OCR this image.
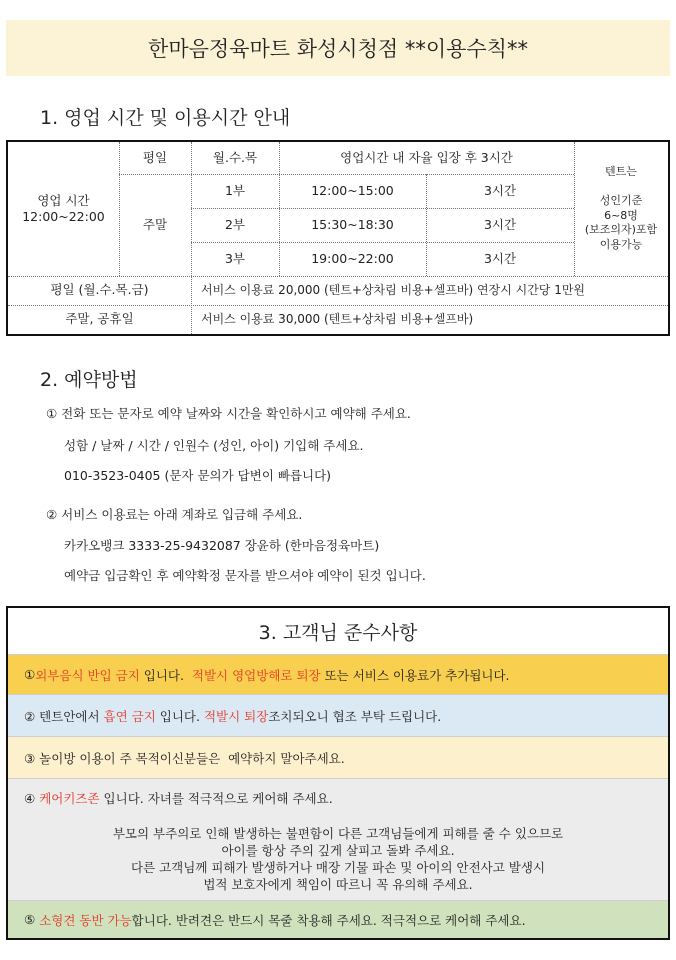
한마음정육마트 화성시청점 **이용수칙**
1. 영업 시간 및 이용시간 안내
영업 시간
12:00~22:00
평일	월.수.목	영업시간 내 자율 입장 후 3시간
주말
1부	12:00~15:00	3시간
2부	15:30~18:30	3시간
3부	19:00~22:00	3시간
텐트는
성인기준
6~8명
(보조의자)포함
이용가능
평일 (월.수.목.금)	서비스 이용료 20,000 (텐트+상차림 비용+셀프바) 연장시 시간당 1만원
주말, 공휴일	서비스 이용료 30,000 (텐트+상차림 비용+셀프바)
2. 예약방법
① 전화 또는 문자로 예약 날짜와 시간을 확인하시고 예약해 주세요.
성함 / 날짜 / 시간 / 인원수 (성인, 아이) 기입해 주세요.
010-3523-0405 (문자 문의가 답변이 빠릅니다)
② 서비스 이용료는 아래 계좌로 입금해 주세요.
카카오뱅크 3333-25-9432087 장윤하 (한마음정육마트)
예약금 입금확인 후 예약확정 문자를 받으셔야 예약이 된것 입니다.
3. 고객님 준수사항
① 외부음식 반입 금지 입니다. 적발시 영업방해로 퇴장 또는 서비스 이용료가 추가됩니다.
② 텐트안에서 흡연 금지 입니다. 적발시 퇴장 조치되오니 협조 부탁 드립니다.
③ 놀이방 이용이 주 목적이신분들은  예약하지 말아주세요.
④ 케어키즈존 입니다. 자녀를 적극적으로 케어해 주세요.
부모의 부주의로 인해 발생하는 불편함이 다른 고객님들에게 피해를 줄 수 있으므로
아이를 항상 주의 깊게 살피고 돌봐 주세요.
다른 고객님께 피해가 발생하거나 매장 기물 파손 및 아이의 안전사고 발생시
법적 보호자에게 책임이 따르니 꼭 유의해 주세요.
⑤ 소형견 동반 가능 합니다. 반려견은 반드시 목줄 착용해 주세요. 적극적으로 케어해 주세요.
